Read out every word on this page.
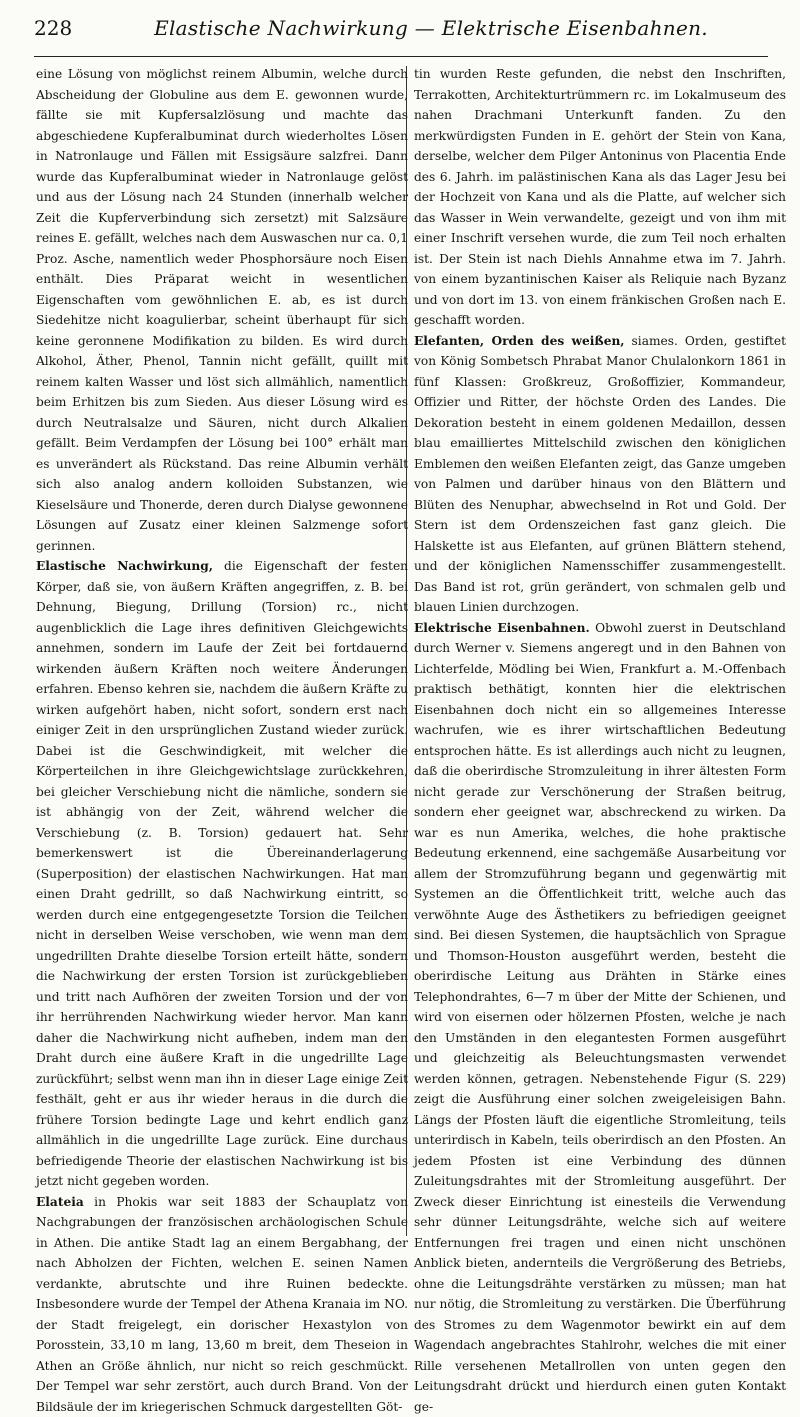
228	Elastische Nachwirkung — Elektrische Eisenbahnen.

eine Lösung von möglichst reinem Albumin, welche durch Abscheidung der Globuline aus dem E. gewonnen wurde, fällte sie mit Kupfersalzlösung und machte das abgeschiedene Kupferalbuminat durch wiederholtes Lösen in Natronlauge und Fällen mit Essigsäure salzfrei. Dann wurde das Kupferalbuminat wieder in Natronlauge gelöst und aus der Lösung nach 24 Stunden (innerhalb welcher Zeit die Kupferverbindung sich zersetzt) mit Salzsäure reines E. gefällt, welches nach dem Auswaschen nur ca. 0,1 Proz. Asche, namentlich weder Phosphorsäure noch Eisen enthält. Dies Präparat weicht in wesentlichen Eigenschaften vom gewöhnlichen E. ab, es ist durch Siedehitze nicht koagulierbar, scheint überhaupt für sich keine geronnene Modifikation zu bilden. Es wird durch Alkohol, Äther, Phenol, Tannin nicht gefällt, quillt mit reinem kalten Wasser und löst sich allmählich, namentlich beim Erhitzen bis zum Sieden. Aus dieser Lösung wird es durch Neutralsalze und Säuren, nicht durch Alkalien gefällt. Beim Verdampfen der Lösung bei 100° erhält man es unverändert als Rückstand. Das reine Albumin verhält sich also analog andern kolloiden Substanzen, wie Kieselsäure und Thonerde, deren durch Dialyse gewonnene Lösungen auf Zusatz einer kleinen Salzmenge sofort gerinnen.

Elastische Nachwirkung, die Eigenschaft der festen Körper, daß sie, von äußern Kräften angegriffen, z. B. bei Dehnung, Biegung, Drillung (Torsion) rc., nicht augenblicklich die Lage ihres definitiven Gleichgewichts annehmen, sondern im Laufe der Zeit bei fortdauernd wirkenden äußern Kräften noch weitere Änderungen erfahren. Ebenso kehren sie, nachdem die äußern Kräfte zu wirken aufgehört haben, nicht sofort, sondern erst nach einiger Zeit in den ursprünglichen Zustand wieder zurück. Dabei ist die Geschwindigkeit, mit welcher die Körperteilchen in ihre Gleichgewichtslage zurückkehren, bei gleicher Verschiebung nicht die nämliche, sondern sie ist abhängig von der Zeit, während welcher die Verschiebung (z. B. Torsion) gedauert hat. Sehr bemerkenswert ist die Übereinanderlagerung (Superposition) der elastischen Nachwirkungen. Hat man einen Draht gedrillt, so daß Nachwirkung eintritt, so werden durch eine entgegengesetzte Torsion die Teilchen nicht in derselben Weise verschoben, wie wenn man dem ungedrillten Drahte dieselbe Torsion erteilt hätte, sondern die Nachwirkung der ersten Torsion ist zurückgeblieben und tritt nach Aufhören der zweiten Torsion und der von ihr herrührenden Nachwirkung wieder hervor. Man kann daher die Nachwirkung nicht aufheben, indem man den Draht durch eine äußere Kraft in die ungedrillte Lage zurückführt; selbst wenn man ihn in dieser Lage einige Zeit festhält, geht er aus ihr wieder heraus in die durch die frühere Torsion bedingte Lage und kehrt endlich ganz allmählich in die ungedrillte Lage zurück. Eine durchaus befriedigende Theorie der elastischen Nachwirkung ist bis jetzt nicht gegeben worden.

Elateia in Phokis war seit 1883 der Schauplatz von Nachgrabungen der französischen archäologischen Schule in Athen. Die antike Stadt lag an einem Bergabhang, der nach Abholzen der Fichten, welchen E. seinen Namen verdankte, abrutschte und ihre Ruinen bedeckte. Insbesondere wurde der Tempel der Athena Kranaia im NO. der Stadt freigelegt, ein dorischer Hexastylon von Porosstein, 33,10 m lang, 13,60 m breit, dem Theseion in Athen an Größe ähnlich, nur nicht so reich geschmückt. Der Tempel war sehr zerstört, auch durch Brand. Von der Bildsäule der im kriegerischen Schmuck dargestellten Göt-

tin wurden Reste gefunden, die nebst den Inschriften, Terrakotten, Architekturtrümmern rc. im Lokalmuseum des nahen Drachmani Unterkunft fanden. Zu den merkwürdigsten Funden in E. gehört der Stein von Kana, derselbe, welcher dem Pilger Antoninus von Placentia Ende des 6. Jahrh. im palästinischen Kana als das Lager Jesu bei der Hochzeit von Kana und als die Platte, auf welcher sich das Wasser in Wein verwandelte, gezeigt und von ihm mit einer Inschrift versehen wurde, die zum Teil noch erhalten ist. Der Stein ist nach Diehls Annahme etwa im 7. Jahrh. von einem byzantinischen Kaiser als Reliquie nach Byzanz und von dort im 13. von einem fränkischen Großen nach E. geschafft worden.

Elefanten, Orden des weißen, siames. Orden, gestiftet von König Sombetsch Phrabat Manor Chulalonkorn 1861 in fünf Klassen: Großkreuz, Großoffizier, Kommandeur, Offizier und Ritter, der höchste Orden des Landes. Die Dekoration besteht in einem goldenen Medaillon, dessen blau emailliertes Mittelschild zwischen den königlichen Emblemen den weißen Elefanten zeigt, das Ganze umgeben von Palmen und darüber hinaus von den Blättern und Blüten des Nenuphar, abwechselnd in Rot und Gold. Der Stern ist dem Ordenszeichen fast ganz gleich. Die Halskette ist aus Elefanten, auf grünen Blättern stehend, und der königlichen Namensschiffer zusammengestellt. Das Band ist rot, grün gerändert, von schmalen gelb und blauen Linien durchzogen.

Elektrische Eisenbahnen. Obwohl zuerst in Deutschland durch Werner v. Siemens angeregt und in den Bahnen von Lichterfelde, Mödling bei Wien, Frankfurt a. M.-Offenbach praktisch bethätigt, konnten hier die elektrischen Eisenbahnen doch nicht ein so allgemeines Interesse wachrufen, wie es ihrer wirtschaftlichen Bedeutung entsprochen hätte. Es ist allerdings auch nicht zu leugnen, daß die oberirdische Stromzuleitung in ihrer ältesten Form nicht gerade zur Verschönerung der Straßen beitrug, sondern eher geeignet war, abschreckend zu wirken. Da war es nun Amerika, welches, die hohe praktische Bedeutung erkennend, eine sachgemäße Ausarbeitung vor allem der Stromzuführung begann und gegenwärtig mit Systemen an die Öffentlichkeit tritt, welche auch das verwöhnte Auge des Ästhetikers zu befriedigen geeignet sind. Bei diesen Systemen, die hauptsächlich von Sprague und Thomson-Houston ausgeführt werden, besteht die oberirdische Leitung aus Drähten in Stärke eines Telephondrahtes, 6—7 m über der Mitte der Schienen, und wird von eisernen oder hölzernen Pfosten, welche je nach den Umständen in den elegantesten Formen ausgeführt und gleichzeitig als Beleuchtungsmasten verwendet werden können, getragen. Nebenstehende Figur (S. 229) zeigt die Ausführung einer solchen zweigeleisigen Bahn. Längs der Pfosten läuft die eigentliche Stromleitung, teils unterirdisch in Kabeln, teils oberirdisch an den Pfosten. An jedem Pfosten ist eine Verbindung des dünnen Zuleitungsdrahtes mit der Stromleitung ausgeführt. Der Zweck dieser Einrichtung ist einesteils die Verwendung sehr dünner Leitungsdrähte, welche sich auf weitere Entfernungen frei tragen und einen nicht unschönen Anblick bieten, andernteils die Vergrößerung des Betriebs, ohne die Leitungsdrähte verstärken zu müssen; man hat nur nötig, die Stromleitung zu verstärken. Die Überführung des Stromes zu dem Wagenmotor bewirkt ein auf dem Wagendach angebrachtes Stahlrohr, welches die mit einer Rille versehenen Metallrollen von unten gegen den Leitungsdraht drückt und hierdurch einen guten Kontakt ge-
